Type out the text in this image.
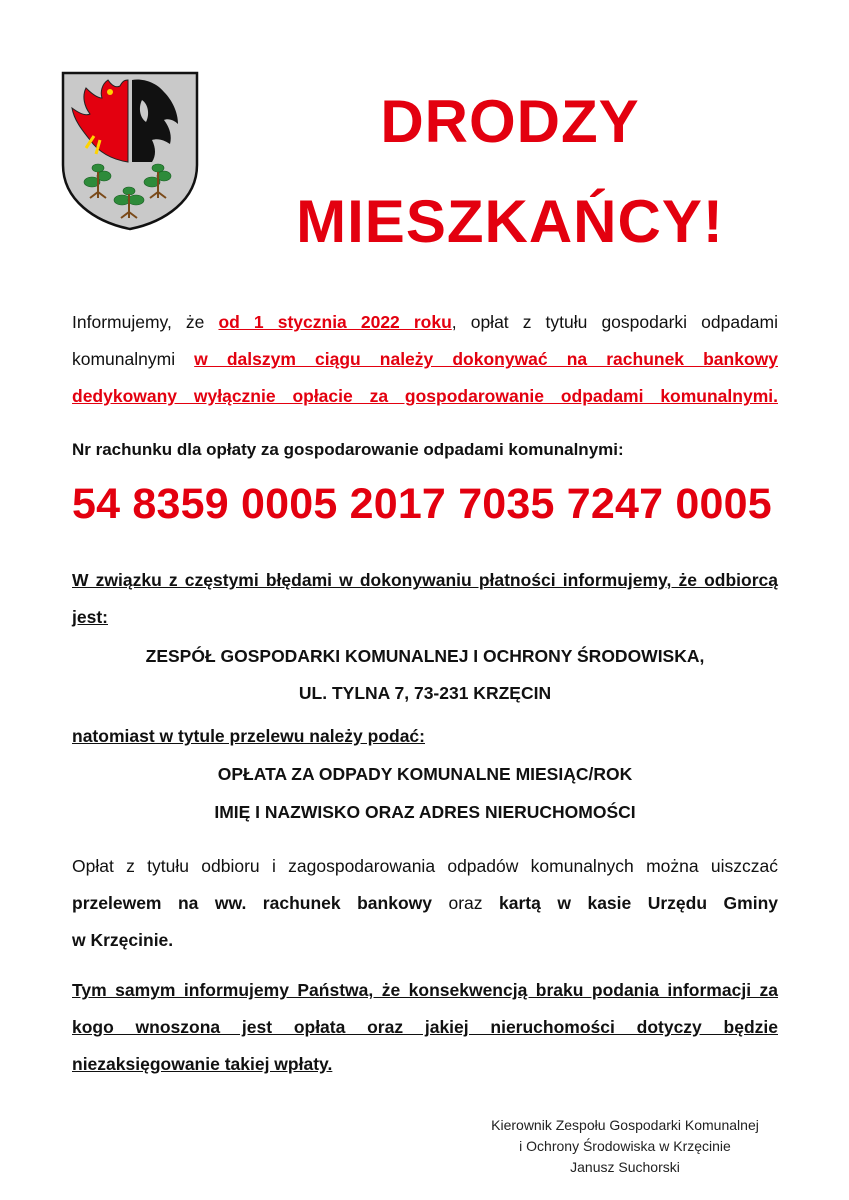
DRODZY
MIESZKAŃCY!
Informujemy, że od 1 stycznia 2022 roku, opłat z tytułu gospodarki odpadami
komunalnymi w dalszym ciągu należy dokonywać na rachunek bankowy
dedykowany wyłącznie opłacie za gospodarowanie odpadami komunalnymi.
Nr rachunku dla opłaty za gospodarowanie odpadami komunalnymi:
54 8359 0005 2017 7035 7247 0005
W związku z częstymi błędami w dokonywaniu płatności informujemy, że odbiorcą
jest:
ZESPÓŁ GOSPODARKI KOMUNALNEJ I OCHRONY ŚRODOWISKA,
UL. TYLNA 7, 73-231 KRZĘCIN
natomiast w tytule przelewu należy podać:
OPŁATA ZA ODPADY KOMUNALNE MIESIĄC/ROK
IMIĘ I NAZWISKO ORAZ ADRES NIERUCHOMOŚCI
Opłat z tytułu odbioru i zagospodarowania odpadów komunalnych można uiszczać
przelewem na ww. rachunek bankowy oraz kartą w kasie Urzędu Gminy
w Krzęcinie.
Tym samym informujemy Państwa, że konsekwencją braku podania informacji za
kogo wnoszona jest opłata oraz jakiej nieruchomości dotyczy będzie
niezaksięgowanie takiej wpłaty.
Kierownik Zespołu Gospodarki Komunalnej
i Ochrony Środowiska w Krzęcinie
Janusz Suchorski
